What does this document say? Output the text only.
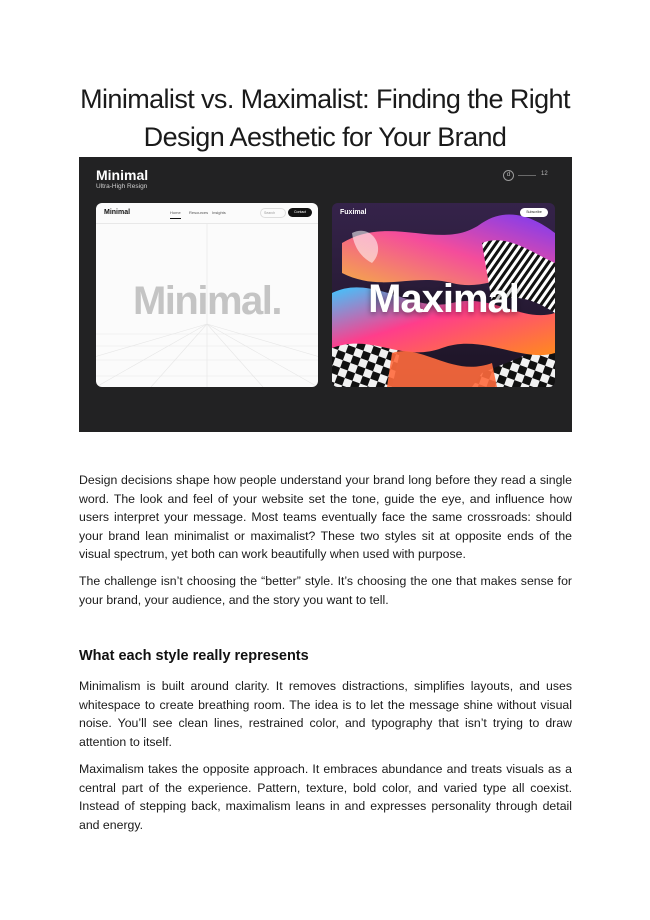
Minimalist vs. Maximalist: Finding the Right Design Aesthetic for Your Brand
Minimal
Ultra-High Resign
d	12
Minimal	Home Resources Insights	Search	Contact
Minimal.
Fuximal	Subscribe
Maximal

Design decisions shape how people understand your brand long before they read a single word. The look and feel of your website set the tone, guide the eye, and influence how users interpret your message. Most teams eventually face the same crossroads: should your brand lean minimalist or maximalist? These two styles sit at opposite ends of the visual spectrum, yet both can work beautifully when used with purpose.

The challenge isn’t choosing the “better” style. It’s choosing the one that makes sense for your brand, your audience, and the story you want to tell.

What each style really represents

Minimalism is built around clarity. It removes distractions, simplifies layouts, and uses whitespace to create breathing room. The idea is to let the message shine without visual noise. You’ll see clean lines, restrained color, and typography that isn’t trying to draw attention to itself.

Maximalism takes the opposite approach. It embraces abundance and treats visuals as a central part of the experience. Pattern, texture, bold color, and varied type all coexist. Instead of stepping back, maximalism leans in and expresses personality through detail and energy.
